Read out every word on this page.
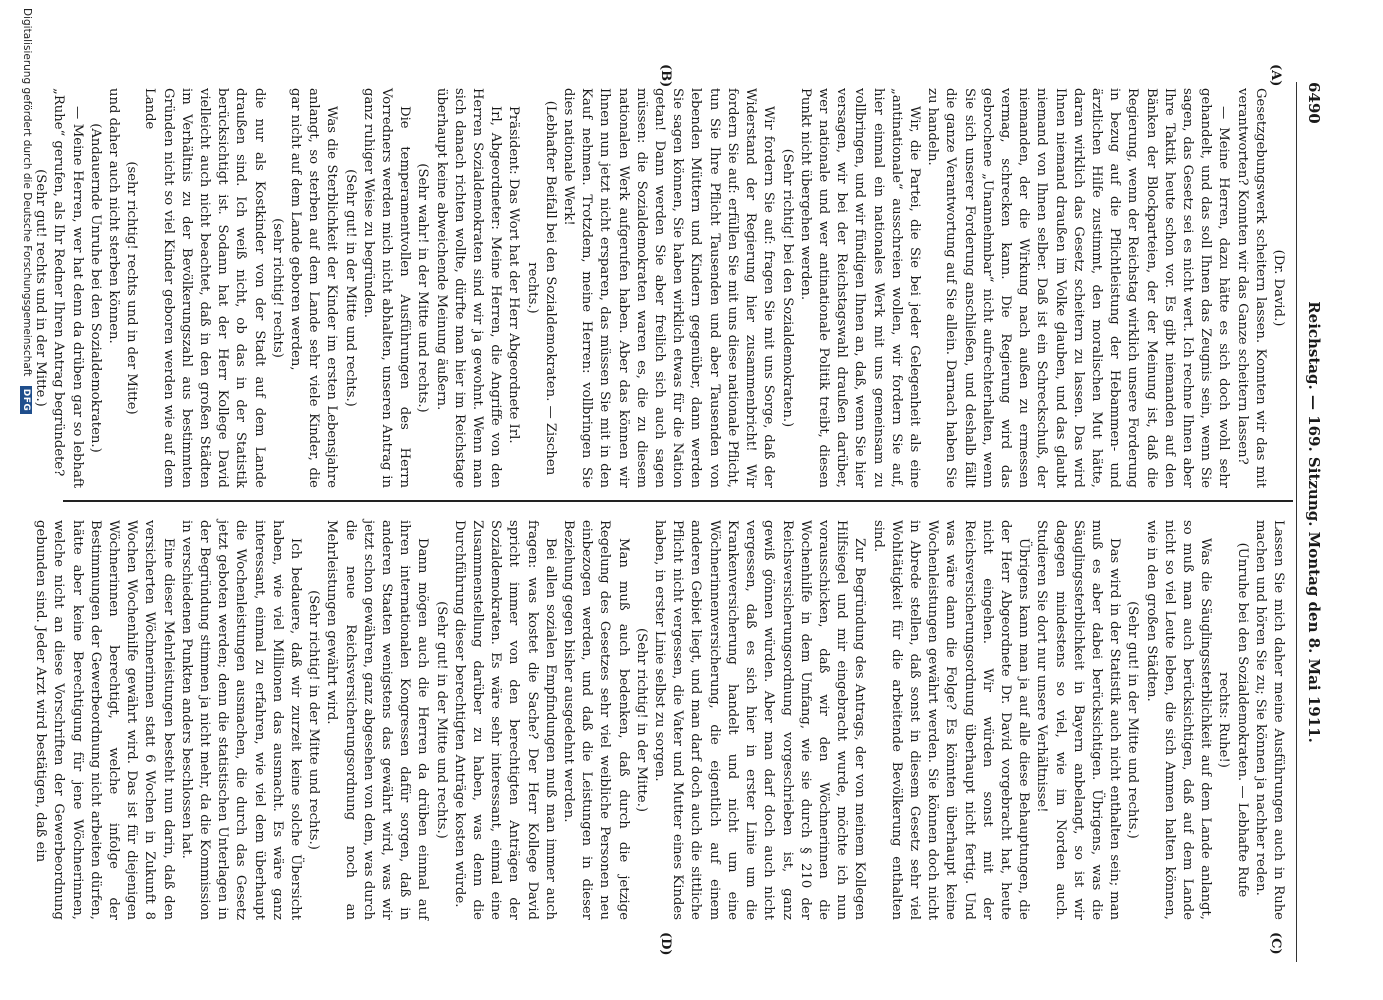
6490
Reichstag. — 169. Sitzung. Montag den 8. Mai 1911.
(A)
(B)
(C)
(D)

(Dr. David.)

Gesetzgebungswerk scheitern lassen. Konnten wir das mit verantworten? Konnten wir das Ganze scheitern lassen?

— Meine Herren, dazu hätte es sich doch wohl sehr gehandelt, und das soll Ihnen das Zeugnis sein, wenn Sie sagen, das Gesetz sei es nicht wert. Ich rechne Ihnen aber Ihre Taktik heute schon vor. Es gibt niemanden auf den Bänken der Blockparteien, der der Meinung ist, daß die Regierung, wenn der Reichstag wirklich unsere Forderung in bezug auf die Pflichtleistung der Hebammen- und ärztlichen Hilfe zustimmt, den moralischen Mut hätte, daran wirklich das Gesetz scheitern zu lassen. Das wird Ihnen niemand draußen im Volke glauben, und das glaubt niemand von Ihnen selber. Daß ist ein Schreckschuß, der niemanden, der die Wirkung nach außen zu ermessen vermag, schrecken kann. Die Regierung wird das gebrochene „Unannehmbar“ nicht aufrechterhalten, wenn Sie sich unserer Forderung anschließen, und deshalb fällt die ganze Verantwortung auf Sie allein. Darnach haben Sie zu handeln.

Wir, die Partei, die Sie bei jeder Gelegenheit als eine „antinationale“ ausschreien wollen, wir fordern Sie auf, hier einmal ein nationales Werk mit uns gemeinsam zu vollbringen, und wir fündigen Ihnen an, daß, wenn Sie hier versagen, wir bei der Reichstagswahl draußen darüber, wer nationale und wer antinationale Politik treibt, diesen Punkt nicht übergehen werden.

(Sehr richtig! bei den Sozialdemokraten.)

Wir fordern Sie auf: fragen Sie mit uns Sorge, daß der Widerstand der Regierung hier zusammenbricht! Wir fordern Sie auf: erfüllen Sie mit uns diese nationale Pflicht, tun Sie Ihre Pflicht Tausenden und aber Tausenden von lebenden Müttern und Kindern gegenüber, dann werden Sie sagen können, Sie haben wirklich etwas für die Nation getan! Dann werden Sie aber freilich sich auch sagen müssen: die Sozialdemokraten waren es, die zu diesem nationalen Werk aufgerufen haben. Aber das können wir Ihnen nun jetzt nicht ersparen, das müssen Sie mit in den Kauf nehmen. Trotzdem, meine Herren: vollbringen Sie dies nationale Werk!

(Lebhafter Beifall bei den Sozialdemokraten. — Zischen rechts.)

Präsident: Das Wort hat der Herr Abgeordnete Irl.

Irl, Abgeordneter: Meine Herren, die Angriffe von den Herren Sozialdemokraten sind wir ja gewohnt. Wenn man sich danach richten wollte, dürfte man hier im Reichstage überhaupt keine abweichende Meinung äußern.

(Sehr wahr! in der Mitte und rechts.)

Die temperamentvollen Ausführungen des Herrn Vorredners werden mich nicht abhalten, unseren Antrag in ganz ruhiger Weise zu begründen.

(Sehr gut! in der Mitte und rechts.)

Was die Sterblichkeit der Kinder im ersten Lebensjahre anlangt, so sterben auf dem Lande sehr viele Kinder, die gar nicht auf dem Lande geboren werden,

(sehr richtig! rechts)

die nur als Kostkinder von der Stadt auf dem Lande draußen sind. Ich weiß nicht, ob das in der Statistik berücksichtigt ist. Sodann hat der Herr Kollege David vielleicht auch nicht beachtet, daß in den großen Städten im Verhältnis zu der Bevölkerungszahl aus bestimmten Gründen nicht so viel Kinder geboren werden wie auf dem Lande

(sehr richtig! rechts und in der Mitte)

und daher auch nicht sterben können.

(Andauernde Unruhe bei den Sozialdemokraten.)

— Meine Herren, wer hat denn da drüben gar so lebhaft „Ruhe“ gerufen, als Ihr Redner Ihren Antrag begründete?

(Sehr gut! rechts und in der Mitte.)

Lassen Sie mich daher meine Ausführungen auch in Ruhe machen und hören Sie zu; Sie können ja nachher reden.

(Unruhe bei den Sozialdemokraten. — Lebhafte Rufe rechts: Ruhe!)

Was die Säuglingssterblichkeit auf dem Lande anlangt, so muß man auch berücksichtigen, daß auf dem Lande nicht so viel Leute leben, die sich Ammen halten können, wie in den großen Städten.

(Sehr gut! in der Mitte und rechts.)

Das wird in der Statistik auch nicht enthalten sein; man muß es aber dabei berücksichtigen. Übrigens, was die Säuglingssterblichkeit in Bayern anbelangt, so ist wir dagegen mindestens so viel, wie im Norden auch. Studieren Sie dort nur unsere Verhältnisse!

Übrigens kann man ja auf alle diese Behauptungen, die der Herr Abgeordnete Dr. David vorgebracht hat, heute nicht eingehen. Wir würden sonst mit der Reichsversicherungsordnung überhaupt nicht fertig. Und was wäre dann die Folge? Es könnten überhaupt keine Wochenleistungen gewährt werden. Sie können doch nicht in Abrede stellen, daß sonst in diesem Gesetz sehr viel Wohltätigkeit für die arbeitende Bevölkerung enthalten sind.

Zur Begründung des Antrags, der von meinem Kollegen Hilfsiegel und mir eingebracht wurde, möchte ich nun vorausschicken, daß wir den Wöchnerinnen die Wochenhilfe in dem Umfang, wie sie durch § 210 der Reichsversicherungsordnung vorgeschrieben ist, ganz gewiß gönnen würden. Aber man darf doch auch nicht vergessen, daß es sich hier in erster Linie um die Krankenversicherung handelt und nicht um eine Wöchnerinnenversicherung, die eigentlich auf einem anderen Gebiet liegt, und man darf doch auch die sittliche Pflicht nicht vergessen, die Vater und Mutter eines Kindes haben, in erster Linie selbst zu sorgen.

(Sehr richtig! in der Mitte.)

Man muß auch bedenken, daß durch die jetzige Regelung des Gesetzes sehr viel weibliche Personen neu einbezogen werden, und daß die Leistungen in dieser Beziehung gegen bisher ausgedehnt werden.

Bei allen sozialen Empfindungen muß man immer auch fragen: was kostet die Sache? Der Herr Kollege David spricht immer von den berechtigten Anträgen der Sozialdemokraten. Es wäre sehr interessant, einmal eine Zusammenstellung darüber zu haben, was denn die Durchführung dieser berechtigten Anträge kosten würde.

(Sehr gut! in der Mitte und rechts.)

Dann mögen auch die Herren da drüben einmal auf ihren internationalen Kongressen dafür sorgen, daß in anderen Staaten wenigstens das gewährt wird, was wir jetzt schon gewähren, ganz abgesehen von dem, was durch die neue Reichsversicherungsordnung noch an Mehrleistungen gewährt wird.

(Sehr richtig! in der Mitte und rechts.)

Ich bedauere, daß wir zurzeit keine solche Übersicht haben, wie viel Millionen das ausmacht. Es wäre ganz interessant, einmal zu erfahren, wie viel dem überhaupt die Wochenleistungen ausmachen, die durch das Gesetz jetzt geboten werden; denn die statistischen Unterlagen in der Begründung stimmen ja nicht mehr, da die Kommission in verschiedenen Punkten anders beschlossen hat.

Eine dieser Mehrleistungen besteht nun darin, daß den versicherten Wöchnerinnen statt 6 Wochen in Zukunft 8 Wochen Wochenhilfe gewährt wird. Das ist für diejenigen Wöchnerinnen berechtigt, welche infolge der Bestimmungen der Gewerbeordnung nicht arbeiten dürfen, hätte aber keine Berechtigung für jene Wöchnerinnen, welche nicht an diese Vorschriften der Gewerbeordnung gebunden sind. Jeder Arzt wird bestätigen, daß ein

Digitalisierung gefördert durch die Deutsche Forschungsgemeinschaft DFG
